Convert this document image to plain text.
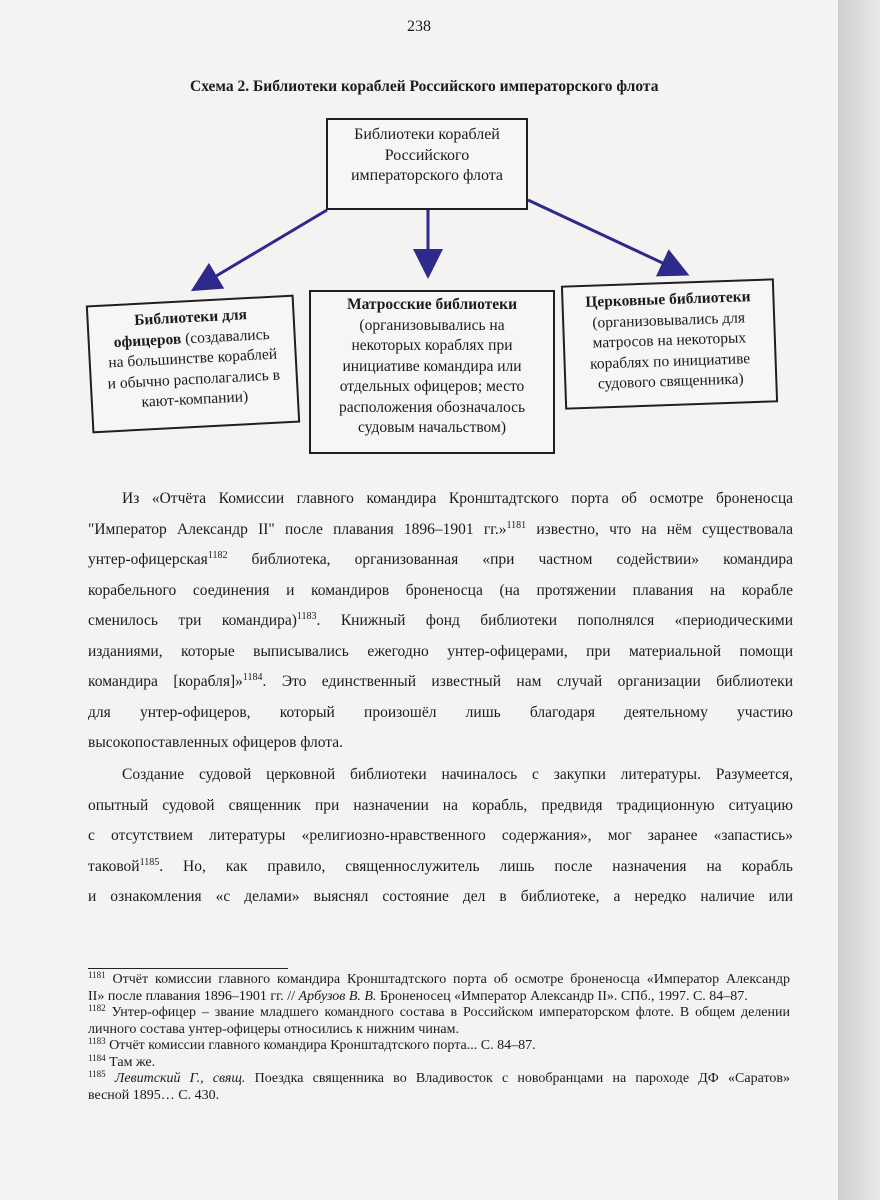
238
Схема 2. Библиотеки кораблей Российского императорского флота
Библиотеки кораблей
Российского
императорского флота
Библиотеки для
офицеров (создавались
на большинстве кораблей
и обычно располагались в
кают-компании)
Матросские библиотеки
(организовывались на
некоторых кораблях при
инициативе командира или
отдельных офицеров; место
расположения обозначалось
судовым начальством)
Церковные библиотеки
(организовывались для
матросов на некоторых
кораблях по инициативе
судового священника)
Из «Отчёта Комиссии главного командира Кронштадтского порта об осмотре броненосца
"Император Александр II" после плавания 1896–1901 гг.»$^{1181}$ известно, что на нём существовала
унтер-офицерская$^{1182}$ библиотека, организованная «при частном содействии» командира
корабельного соединения и командиров броненосца (на протяжении плавания на корабле
сменилось три командира)$^{1183}$. Книжный фонд библиотеки пополнялся «периодическими
изданиями, которые выписывались ежегодно унтер-офицерами, при материальной помощи
командира [корабля]»$^{1184}$. Это единственный известный нам случай организации библиотеки
для унтер-офицеров, который произошёл лишь благодаря деятельному участию
высокопоставленных офицеров флота.
Создание судовой церковной библиотеки начиналось с закупки литературы. Разумеется,
опытный судовой священник при назначении на корабль, предвидя традиционную ситуацию
с отсутствием литературы «религиозно-нравственного содержания», мог заранее «запастись»
таковой$^{1185}$. Но, как правило, священнослужитель лишь после назначения на корабль
и ознакомления «с делами» выяснял состояние дел в библиотеке, а нередко наличие или
$^{1181}$ Отчёт комиссии главного командира Кронштадтского порта об осмотре броненосца «Император Александр
II» после плавания 1896–1901 гг. // Арбузов В. В. Броненосец «Император Александр II». СПб., 1997. С. 84–87.
$^{1182}$ Унтер-офицер – звание младшего командного состава в Российском императорском флоте. В общем делении
личного состава унтер-офицеры относились к нижним чинам.
$^{1183}$ Отчёт комиссии главного командира Кронштадтского порта... С. 84–87.
$^{1184}$ Там же.
$^{1185}$ Левитский Г., свящ. Поездка священника во Владивосток с новобранцами на пароходе ДФ «Саратов»
весной 1895… С. 430.
